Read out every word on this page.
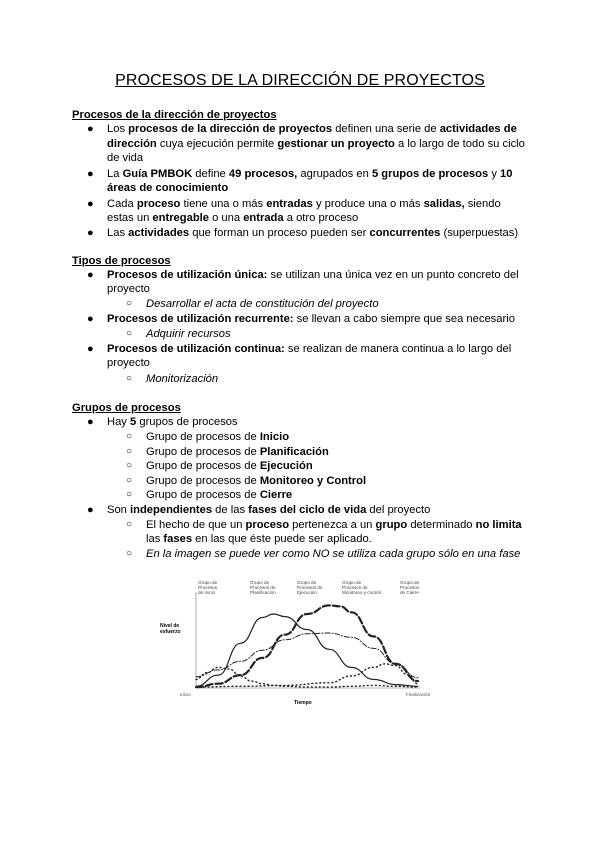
PROCESOS DE LA DIRECCIÓN DE PROYECTOS
Procesos de la dirección de proyectos
● Los procesos de la dirección de proyectos definen una serie de actividades de
dirección cuya ejecución permite gestionar un proyecto a lo largo de todo su ciclo
de vida
● La Guía PMBOK define 49 procesos, agrupados en 5 grupos de procesos y 10
áreas de conocimiento
● Cada proceso tiene una o más entradas y produce una o más salidas, siendo
estas un entregable o una entrada a otro proceso
● Las actividades que forman un proceso pueden ser concurrentes (superpuestas)
Tipos de procesos
● Procesos de utilización única: se utilizan una única vez en un punto concreto del
proyecto
○ Desarrollar el acta de constitución del proyecto
● Procesos de utilización recurrente: se llevan a cabo siempre que sea necesario
○ Adquirir recursos
● Procesos de utilización continua: se realizan de manera continua a lo largo del
proyecto
○ Monitorización
Grupos de procesos
● Hay 5 grupos de procesos
○ Grupo de procesos de Inicio
○ Grupo de procesos de Planificación
○ Grupo de procesos de Ejecución
○ Grupo de procesos de Monitoreo y Control
○ Grupo de procesos de Cierre
● Son independientes de las fases del ciclo de vida del proyecto
○ El hecho de que un proceso pertenezca a un grupo determinado no limita
las fases en las que éste puede ser aplicado.
○ En la imagen se puede ver como NO se utiliza cada grupo sólo en una fase
Grupo de
Procesos
de Inicio
Grupo de
Procesos de
Planificación
Grupo de
Procesos de
Ejecución
Grupo de
Procesos de
Monitoreo y control
Grupo de
Procesos
de Cierre
Nivel de
esfuerzo
Inicio
Tiempo
Finalización
